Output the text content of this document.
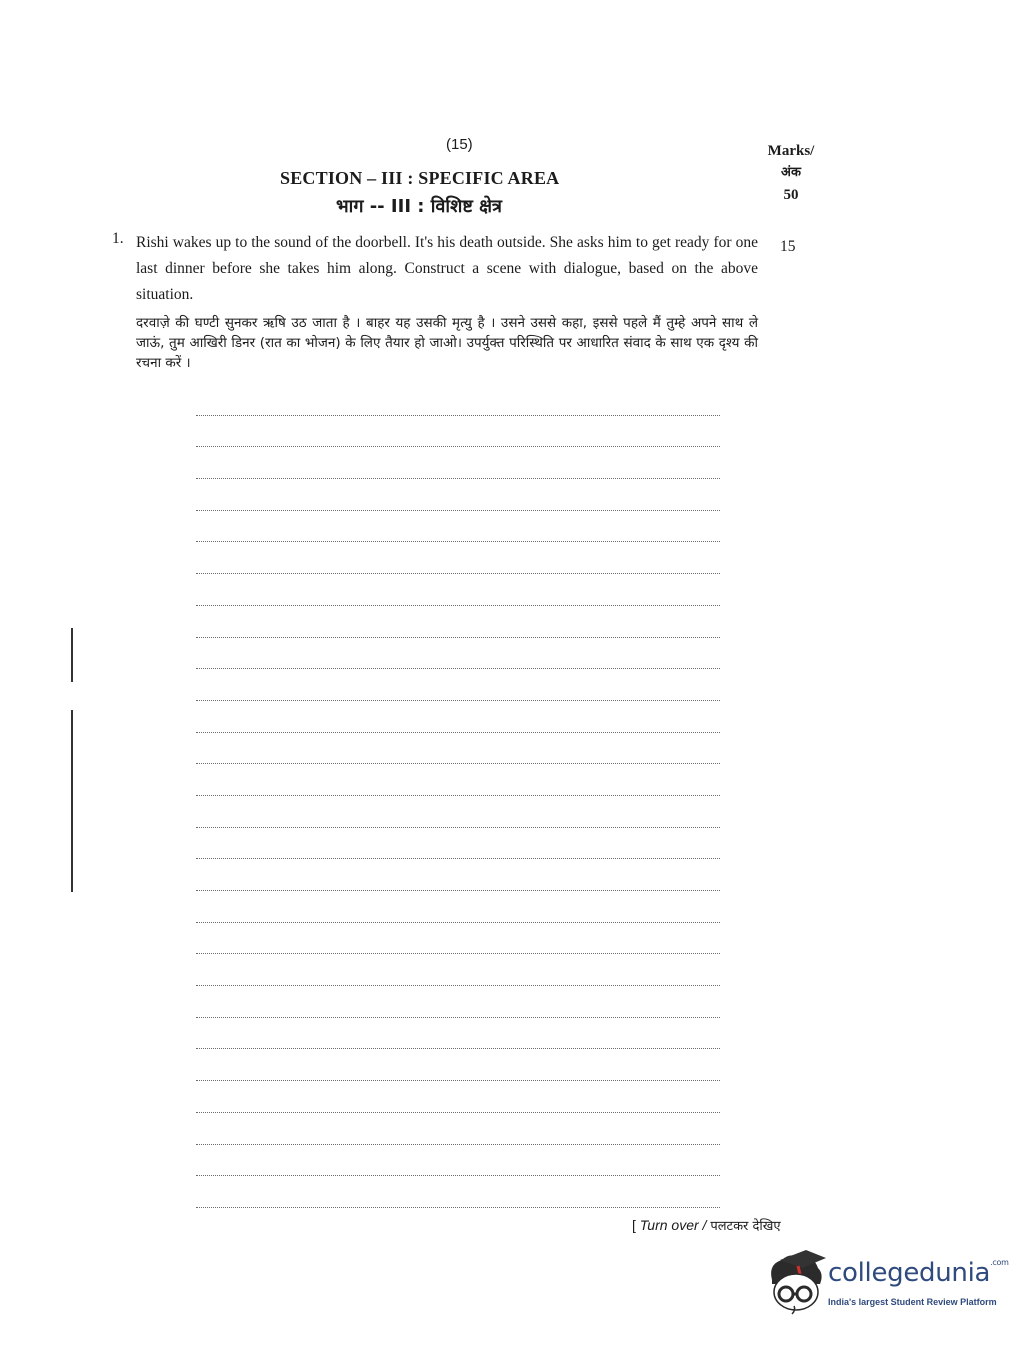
(15)	Marks/
अंक
50
SECTION – III : SPECIFIC AREA
भाग -- III : विशिष्ट क्षेत्र
1.	15
Rishi wakes up to the sound of the doorbell. It's his death outside. She asks him to get ready for one last dinner before she takes him along. Construct a scene with dialogue, based on the above situation.
दरवाज़े की घण्टी सुनकर ऋषि उठ जाता है । बाहर यह उसकी मृत्यु है । उसने उससे कहा, इससे पहले मैं तुम्हे अपने साथ ले जाऊं, तुम आखिरी डिनर (रात का भोजन) के लिए तैयार हो जाओ। उपर्युक्त परिस्थिति पर आधारित संवाद के साथ एक दृश्य की रचना करें ।
[ Turn over / पलटकर देखिए
collegedunia$^{.com}$
India's largest Student Review Platform
